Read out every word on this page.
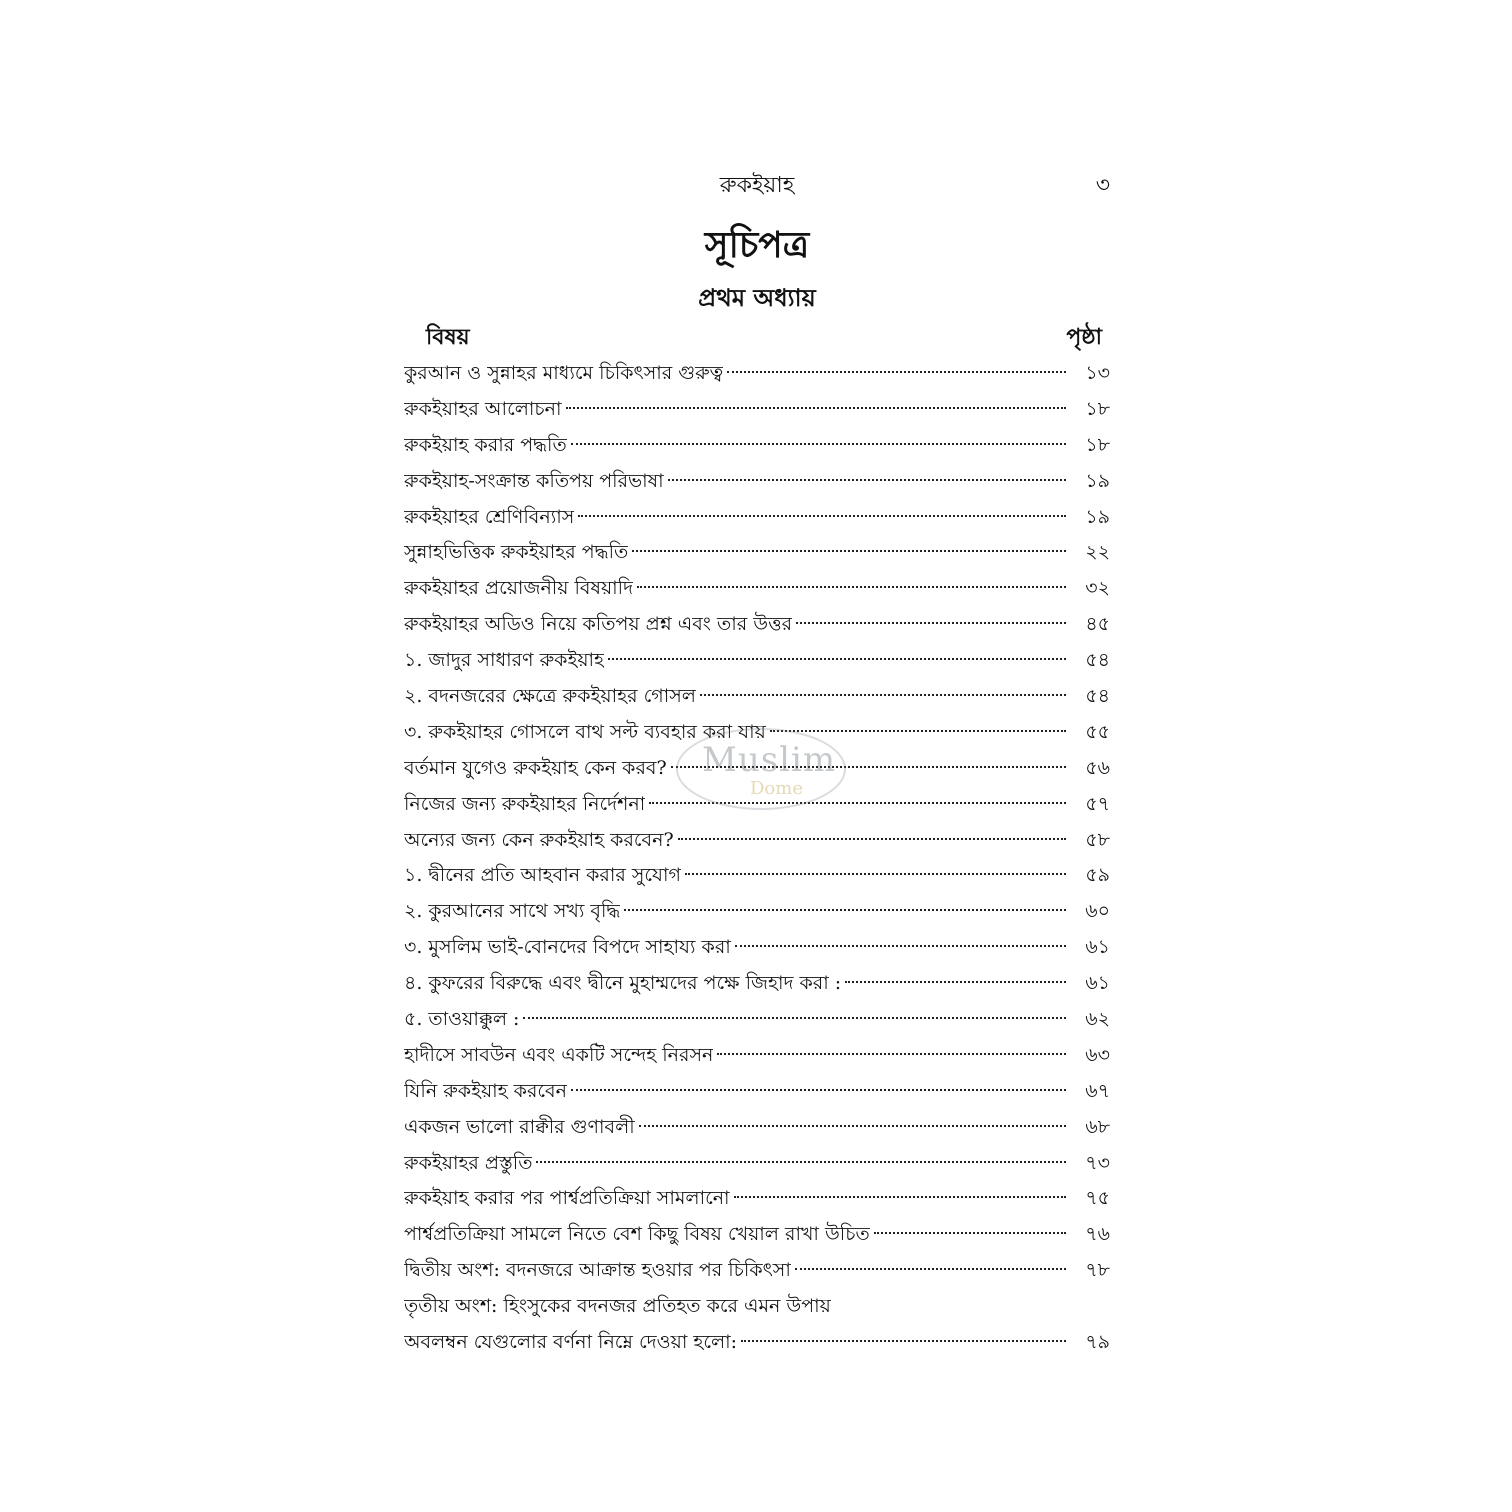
রুকইয়াহ	৩
সূচিপত্র
প্রথম অধ্যায়
বিষয়	পৃষ্ঠা
কুরআন ও সুন্নাহর মাধ্যমে চিকিৎসার গুরুত্ব	১৩
রুকইয়াহর আলোচনা	১৮
রুকইয়াহ করার পদ্ধতি	১৮
রুকইয়াহ-সংক্রান্ত কতিপয় পরিভাষা	১৯
রুকইয়াহর শ্রেণিবিন্যাস	১৯
সুন্নাহভিত্তিক রুকইয়াহর পদ্ধতি	২২
রুকইয়াহর প্রয়োজনীয় বিষয়াদি	৩২
রুকইয়াহর অডিও নিয়ে কতিপয় প্রশ্ন এবং তার উত্তর	৪৫
১. জাদুর সাধারণ রুকইয়াহ	৫৪
২. বদনজরের ক্ষেত্রে রুকইয়াহর গোসল	৫৪
৩. রুকইয়াহর গোসলে বাথ সল্ট ব্যবহার করা যায়	৫৫
বর্তমান যুগেও রুকইয়াহ কেন করব?	৫৬
নিজের জন্য রুকইয়াহর নির্দেশনা	৫৭
অন্যের জন্য কেন রুকইয়াহ করবেন?	৫৮
১. দ্বীনের প্রতি আহবান করার সুযোগ	৫৯
২. কুরআনের সাথে সখ্য বৃদ্ধি	৬০
৩. মুসলিম ভাই-বোনদের বিপদে সাহায্য করা	৬১
৪. কুফরের বিরুদ্ধে এবং দ্বীনে মুহাম্মদের পক্ষে জিহাদ করা :	৬১
৫. তাওয়াক্কুল :	৬২
হাদীসে সাবউন এবং একটি সন্দেহ নিরসন	৬৩
যিনি রুকইয়াহ করবেন	৬৭
একজন ভালো রাক্বীর গুণাবলী	৬৮
রুকইয়াহর প্রস্তুতি	৭৩
রুকইয়াহ করার পর পার্শ্বপ্রতিক্রিয়া সামলানো	৭৫
পার্শ্বপ্রতিক্রিয়া সামলে নিতে বেশ কিছু বিষয় খেয়াল রাখা উচিত	৭৬
দ্বিতীয় অংশ: বদনজরে আক্রান্ত হওয়ার পর চিকিৎসা	৭৮
তৃতীয় অংশ: হিংসুকের বদনজর প্রতিহত করে এমন উপায়
অবলম্বন যেগুলোর বর্ণনা নিম্নে দেওয়া হলো:	৭৯
Muslim
Dome
